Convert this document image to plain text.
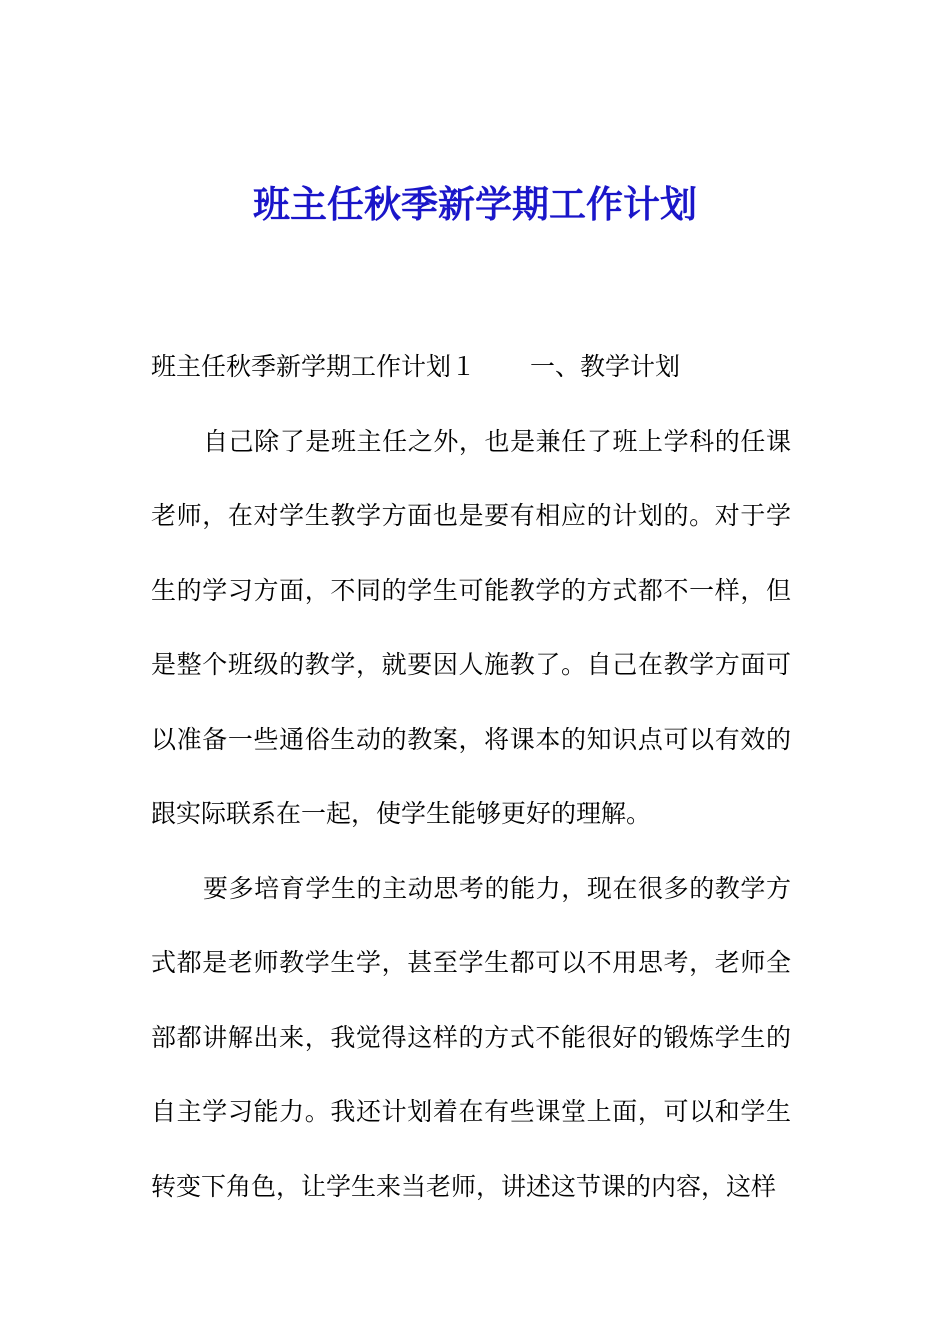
班主任秋季新学期工作计划

班主任秋季新学期工作计划１ 一、教学计划

自己除了是班主任之外，也是兼任了班上学科的任课老师，在对学生教学方面也是要有相应的计划的。对于学生的学习方面，不同的学生可能教学的方式都不一样，但是整个班级的教学，就要因人施教了。自己在教学方面可以准备一些通俗生动的教案，将课本的知识点可以有效的跟实际联系在一起，使学生能够更好的理解。

要多培育学生的主动思考的能力，现在很多的教学方式都是老师教学生学，甚至学生都可以不用思考，老师全部都讲解出来，我觉得这样的方式不能很好的锻炼学生的自主学习能力。我还计划着在有些课堂上面，可以和学生转变下角色，让学生来当老师，讲述这节课的内容，这样
